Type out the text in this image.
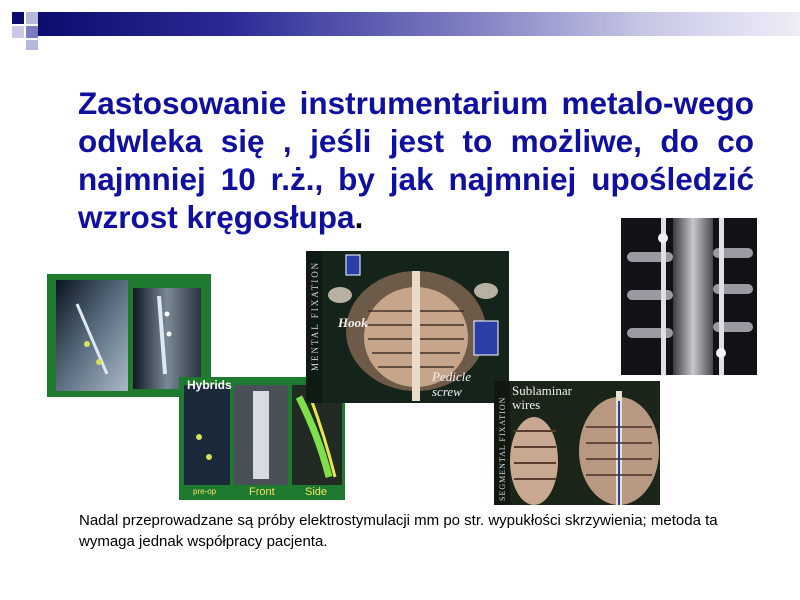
Zastosowanie instrumentarium metalo-wego odwleka się , jeśli jest to możliwe, do co najmniej 10 r.ż., by jak najmniej upośledzić wzrost kręgosłupa.

Hybrids
pre-op	Front	Side
MENTAL FIXATION Hook
Pedicle
screw
SEGMENTAL FIXATION
Sublaminar
wires

Nadal przeprowadzane są próby elektrostymulacji mm po str. wypukłości skrzywienia; metoda ta wymaga jednak współpracy pacjenta.
